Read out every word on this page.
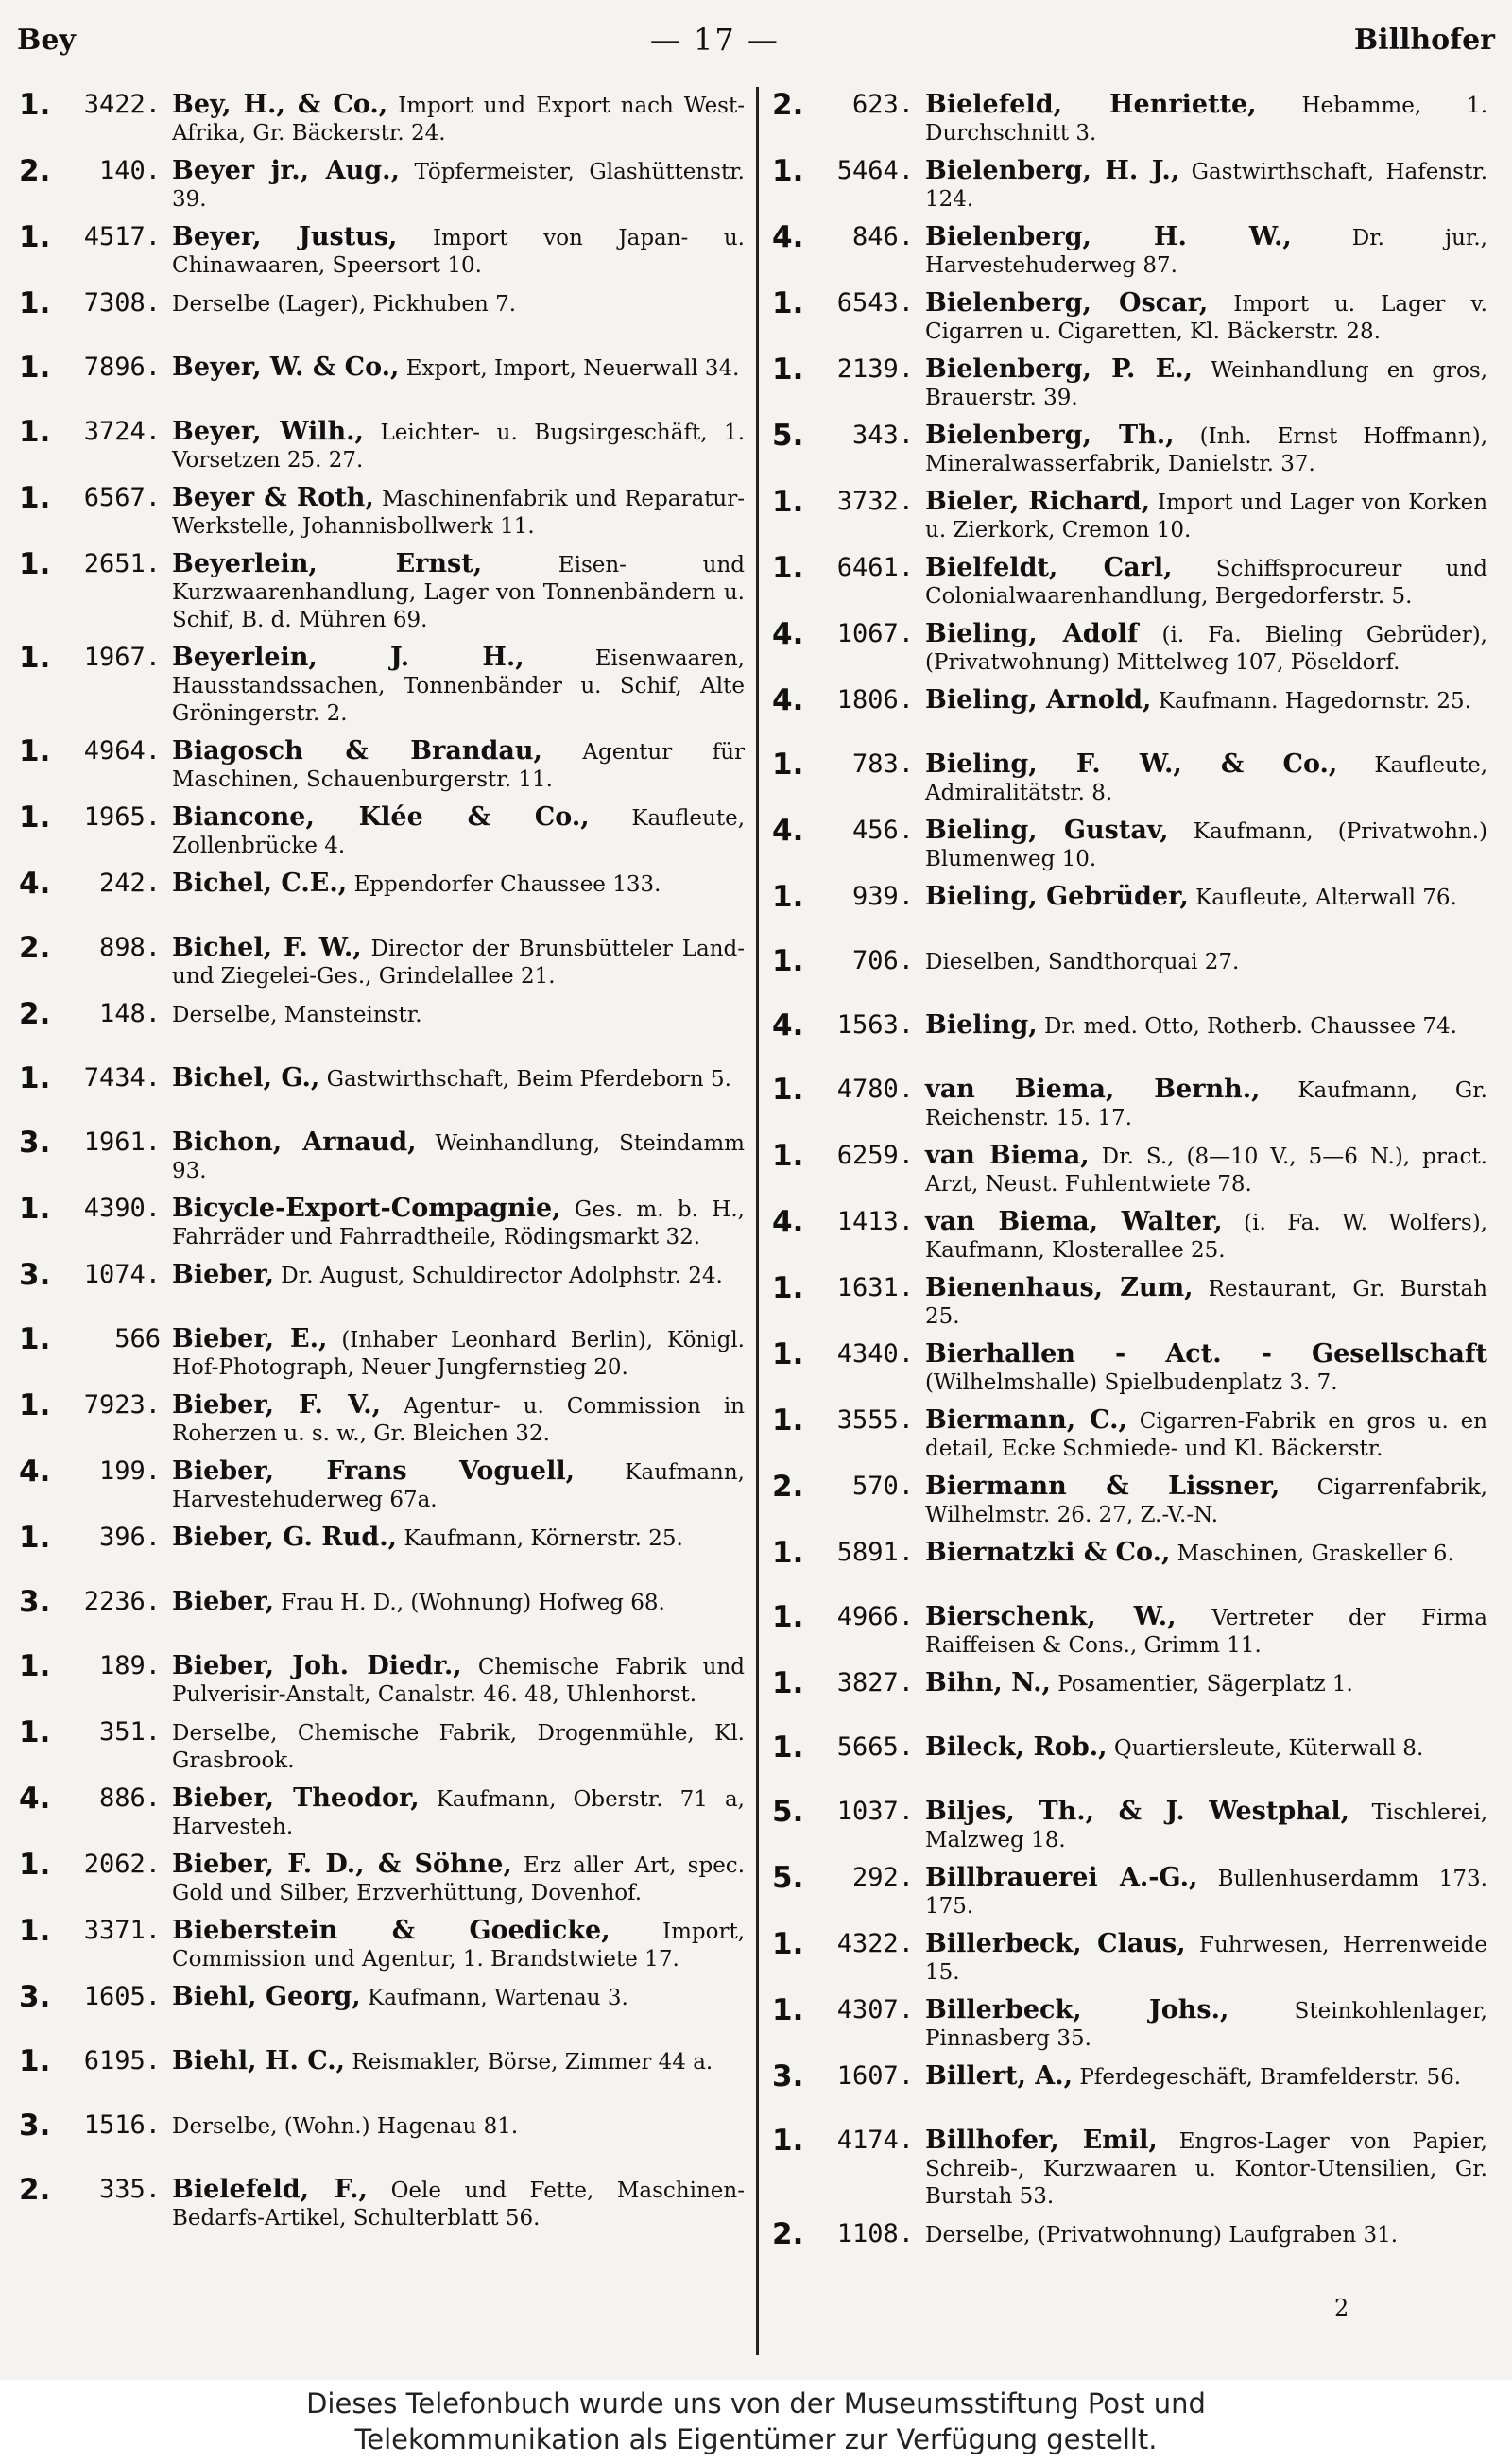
Bey	— 17 —	Billhofer
1.	3422. Bey, H., & Co., Import und Export nach West-Afrika, Gr. Bäckerstr. 24.
2.	140. Beyer jr., Aug., Töpfermeister, Glashüttenstr. 39.
1.	4517. Beyer, Justus, Import von Japan- u. Chinawaaren, Speersort 10.
1.	7308. Derselbe (Lager), Pickhuben 7.
1.	7896. Beyer, W. & Co., Export, Import, Neuerwall 34.
1.	3724. Beyer, Wilh., Leichter- u. Bugsirgeschäft, 1. Vorsetzen 25. 27.
1.	6567. Beyer & Roth, Maschinenfabrik und Reparatur-Werkstelle, Johannisbollwerk 11.
1.	2651. Beyerlein, Ernst, Eisen- und Kurzwaarenhandlung, Lager von Tonnenbändern u. Schif, B. d. Mühren 69.
1.	1967. Beyerlein, J. H., Eisenwaaren, Hausstandssachen, Tonnenbänder u. Schif, Alte Gröningerstr. 2.
1.	4964. Biagosch & Brandau, Agentur für Maschinen, Schauenburgerstr. 11.
1.	1965. Biancone, Klée & Co., Kaufleute, Zollenbrücke 4.
4.	242. Bichel, C.E., Eppendorfer Chaussee 133.
2.	898. Bichel, F. W., Director der Brunsbütteler Land- und Ziegelei-Ges., Grindelallee 21.
2.	148. Derselbe, Mansteinstr.
1.	7434. Bichel, G., Gastwirthschaft, Beim Pferdeborn 5.
3.	1961. Bichon, Arnaud, Weinhandlung, Steindamm 93.
1.	4390. Bicycle-Export-Compagnie, Ges. m. b. H., Fahrräder und Fahrradtheile, Rödingsmarkt 32.
3.	1074. Bieber, Dr. August, Schuldirector Adolphstr. 24.
1.	566 Bieber, E., (Inhaber Leonhard Berlin), Königl. Hof-Photograph, Neuer Jungfernstieg 20.
1.	7923. Bieber, F. V., Agentur- u. Commission in Roherzen u. s. w., Gr. Bleichen 32.
4.	199. Bieber, Frans Voguell, Kaufmann, Harvestehuderweg 67a.
1.	396. Bieber, G. Rud., Kaufmann, Körnerstr. 25.
3.	2236. Bieber, Frau H. D., (Wohnung) Hofweg 68.
1.	189. Bieber, Joh. Diedr., Chemische Fabrik und Pulverisir-Anstalt, Canalstr. 46. 48, Uhlenhorst.
1.	351. Derselbe, Chemische Fabrik, Drogenmühle, Kl. Grasbrook.
4.	886. Bieber, Theodor, Kaufmann, Oberstr. 71 a, Harvesteh.
1.	2062. Bieber, F. D., & Söhne, Erz aller Art, spec. Gold und Silber, Erzverhüttung, Dovenhof.
1.	3371. Bieberstein & Goedicke, Import, Commission und Agentur, 1. Brandstwiete 17.
3.	1605. Biehl, Georg, Kaufmann, Wartenau 3.
1.	6195. Biehl, H. C., Reismakler, Börse, Zimmer 44 a.
3.	1516. Derselbe, (Wohn.) Hagenau 81.
2.	335. Bielefeld, F., Oele und Fette, Maschinen-Bedarfs-Artikel, Schulterblatt 56.
2.	623. Bielefeld, Henriette, Hebamme, 1. Durchschnitt 3.
1.	5464. Bielenberg, H. J., Gastwirthschaft, Hafenstr. 124.
4.	846. Bielenberg, H. W., Dr. jur., Harvestehuderweg 87.
1.	6543. Bielenberg, Oscar, Import u. Lager v. Cigarren u. Cigaretten, Kl. Bäckerstr. 28.
1.	2139. Bielenberg, P. E., Weinhandlung en gros, Brauerstr. 39.
5.	343. Bielenberg, Th., (Inh. Ernst Hoffmann), Mineralwasserfabrik, Danielstr. 37.
1.	3732. Bieler, Richard, Import und Lager von Korken u. Zierkork, Cremon 10.
1.	6461. Bielfeldt, Carl, Schiffsprocureur und Colonialwaarenhandlung, Bergedorferstr. 5.
4.	1067. Bieling, Adolf (i. Fa. Bieling Gebrüder), (Privatwohnung) Mittelweg 107, Pöseldorf.
4.	1806. Bieling, Arnold, Kaufmann. Hagedornstr. 25.
1.	783. Bieling, F. W., & Co., Kaufleute, Admiralitätstr. 8.
4.	456. Bieling, Gustav, Kaufmann, (Privatwohn.) Blumenweg 10.
1.	939. Bieling, Gebrüder, Kaufleute, Alterwall 76.
1.	706. Dieselben, Sandthorquai 27.
4.	1563. Bieling, Dr. med. Otto, Rotherb. Chaussee 74.
1.	4780. van Biema, Bernh., Kaufmann, Gr. Reichenstr. 15. 17.
1.	6259. van Biema, Dr. S., (8—10 V., 5—6 N.), pract. Arzt, Neust. Fuhlentwiete 78.
4.	1413. van Biema, Walter, (i. Fa. W. Wolfers), Kaufmann, Klosterallee 25.
1.	1631. Bienenhaus, Zum, Restaurant, Gr. Burstah 25.
1.	4340. Bierhallen - Act. - Gesellschaft (Wilhelmshalle) Spielbudenplatz 3. 7.
1.	3555. Biermann, C., Cigarren-Fabrik en gros u. en detail, Ecke Schmiede- und Kl. Bäckerstr.
2.	570. Biermann & Lissner, Cigarrenfabrik, Wilhelmstr. 26. 27, Z.-V.-N.
1.	5891. Biernatzki & Co., Maschinen, Graskeller 6.
1.	4966. Bierschenk, W., Vertreter der Firma Raiffeisen & Cons., Grimm 11.
1.	3827. Bihn, N., Posamentier, Sägerplatz 1.
1.	5665. Bileck, Rob., Quartiersleute, Küterwall 8.
5.	1037. Biljes, Th., & J. Westphal, Tischlerei, Malzweg 18.
5.	292. Billbrauerei A.-G., Bullenhuserdamm 173. 175.
1.	4322. Billerbeck, Claus, Fuhrwesen, Herrenweide 15.
1.	4307. Billerbeck, Johs., Steinkohlenlager, Pinnasberg 35.
3.	1607. Billert, A., Pferdegeschäft, Bramfelderstr. 56.
1.	4174. Billhofer, Emil, Engros-Lager von Papier, Schreib-, Kurzwaaren u. Kontor-Utensilien, Gr. Burstah 53.
2.	1108. Derselbe, (Privatwohnung) Laufgraben 31.
2
Dieses Telefonbuch wurde uns von der Museumsstiftung Post und
Telekommunikation als Eigentümer zur Verfügung gestellt.
